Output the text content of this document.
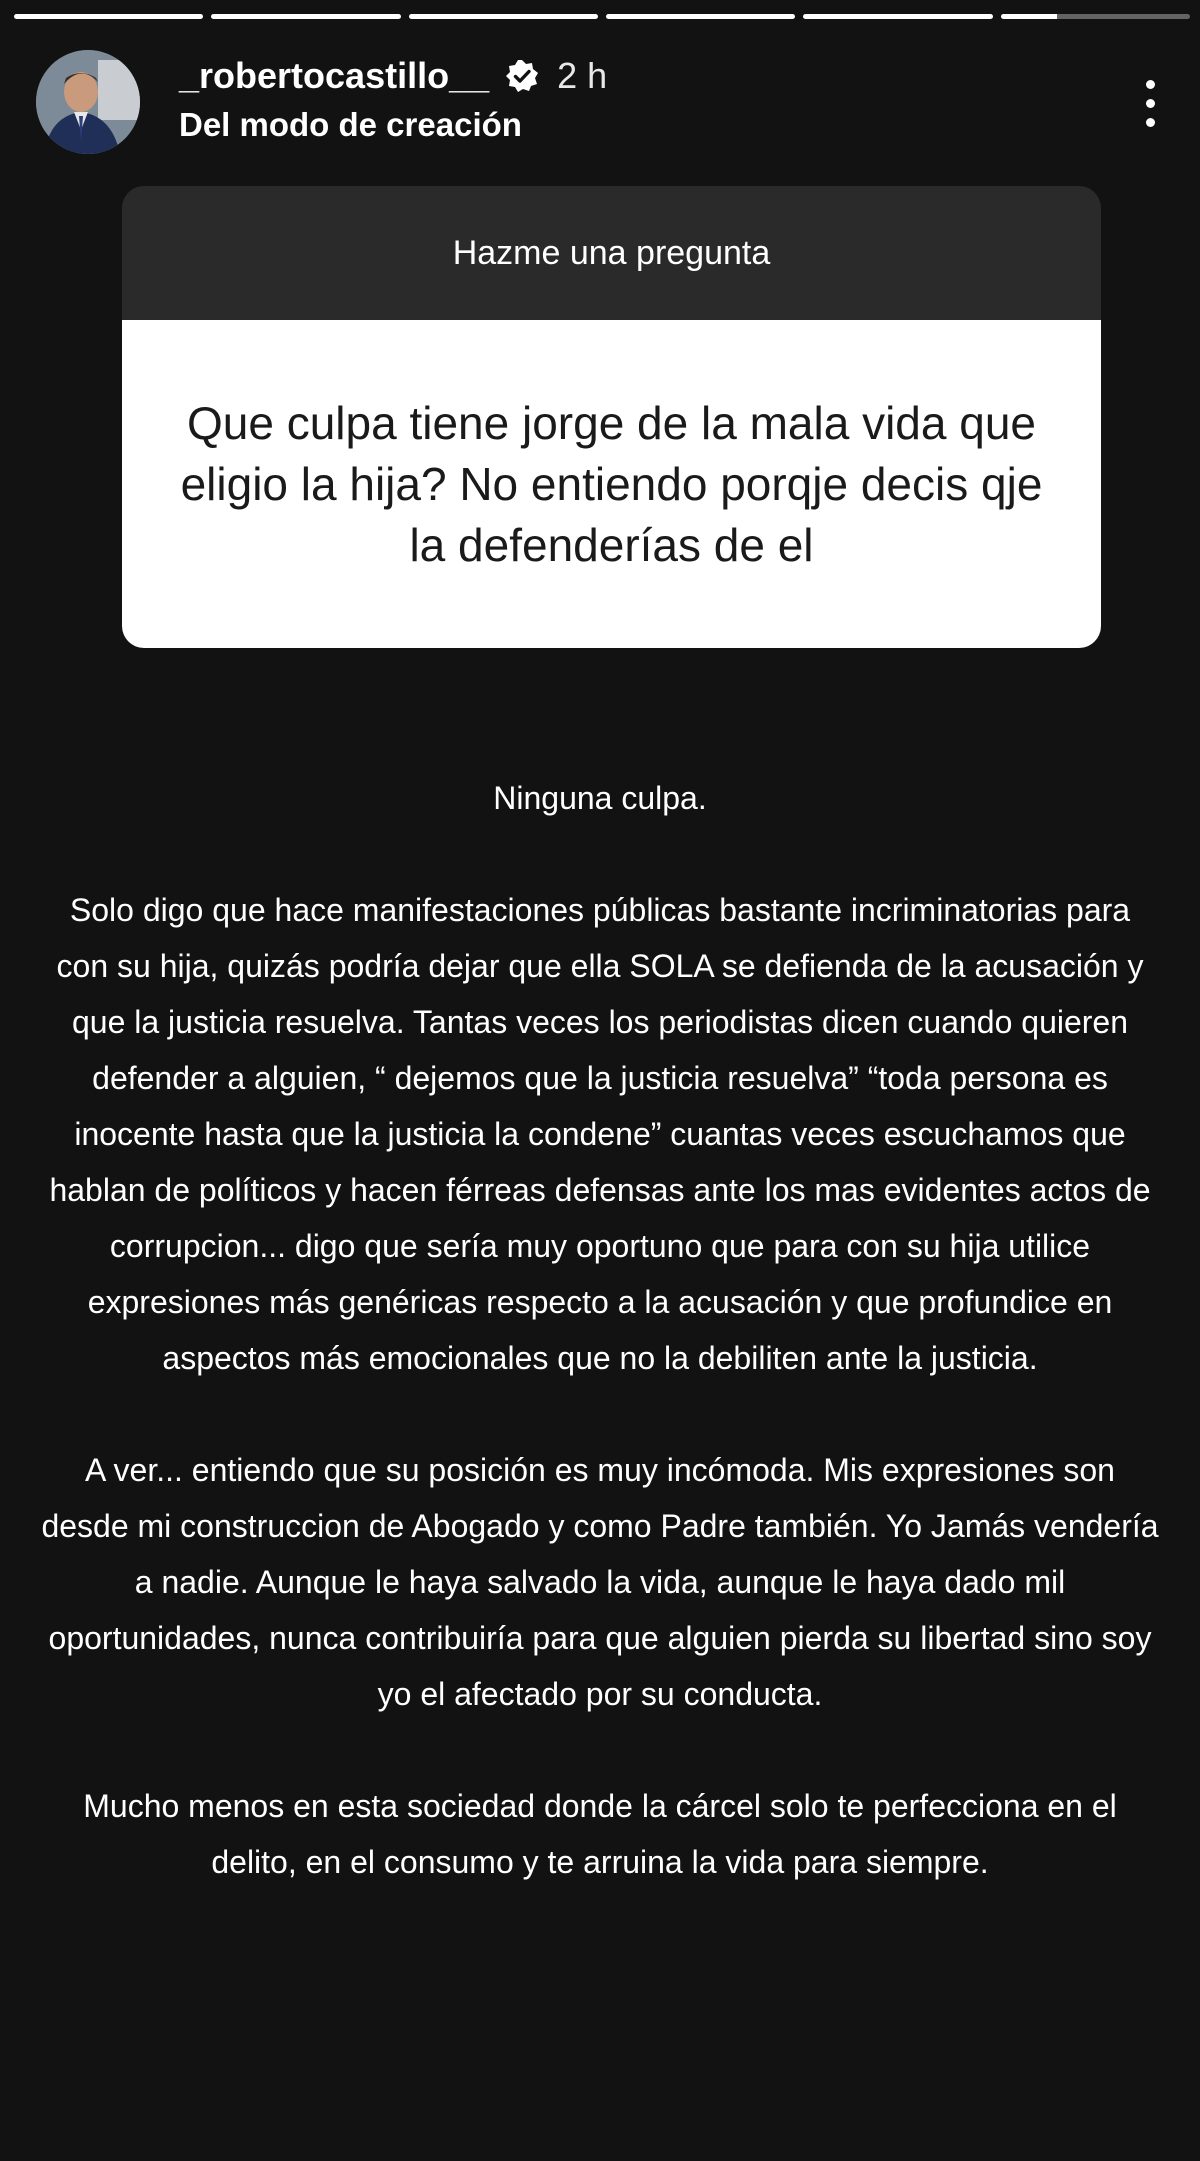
_robertocastillo__ 2 h
Del modo de creación
Hazme una pregunta
Que culpa tiene jorge de la mala vida que eligio la hija? No entiendo porqje decis qje la defenderías de el

Ninguna culpa.

Solo digo que hace manifestaciones públicas bastante incriminatorias para con su hija, quizás podría dejar que ella SOLA se defienda de la acusación y que la justicia resuelva. Tantas veces los periodistas dicen cuando quieren defender a alguien, “ dejemos que la justicia resuelva” “toda persona es inocente hasta que la justicia la condene” cuantas veces escuchamos que hablan de políticos y hacen férreas defensas ante los mas evidentes actos de corrupcion... digo que sería muy oportuno que para con su hija utilice expresiones más genéricas respecto a la acusación y que profundice en aspectos más emocionales que no la debiliten ante la justicia.

A ver... entiendo que su posición es muy incómoda. Mis expresiones son desde mi construccion de Abogado y como Padre también. Yo Jamás vendería a nadie. Aunque le haya salvado la vida, aunque le haya dado mil oportunidades, nunca contribuiría para que alguien pierda su libertad sino soy yo el afectado por su conducta.

Mucho menos en esta sociedad donde la cárcel solo te perfecciona en el delito, en el consumo y te arruina la vida para siempre.
